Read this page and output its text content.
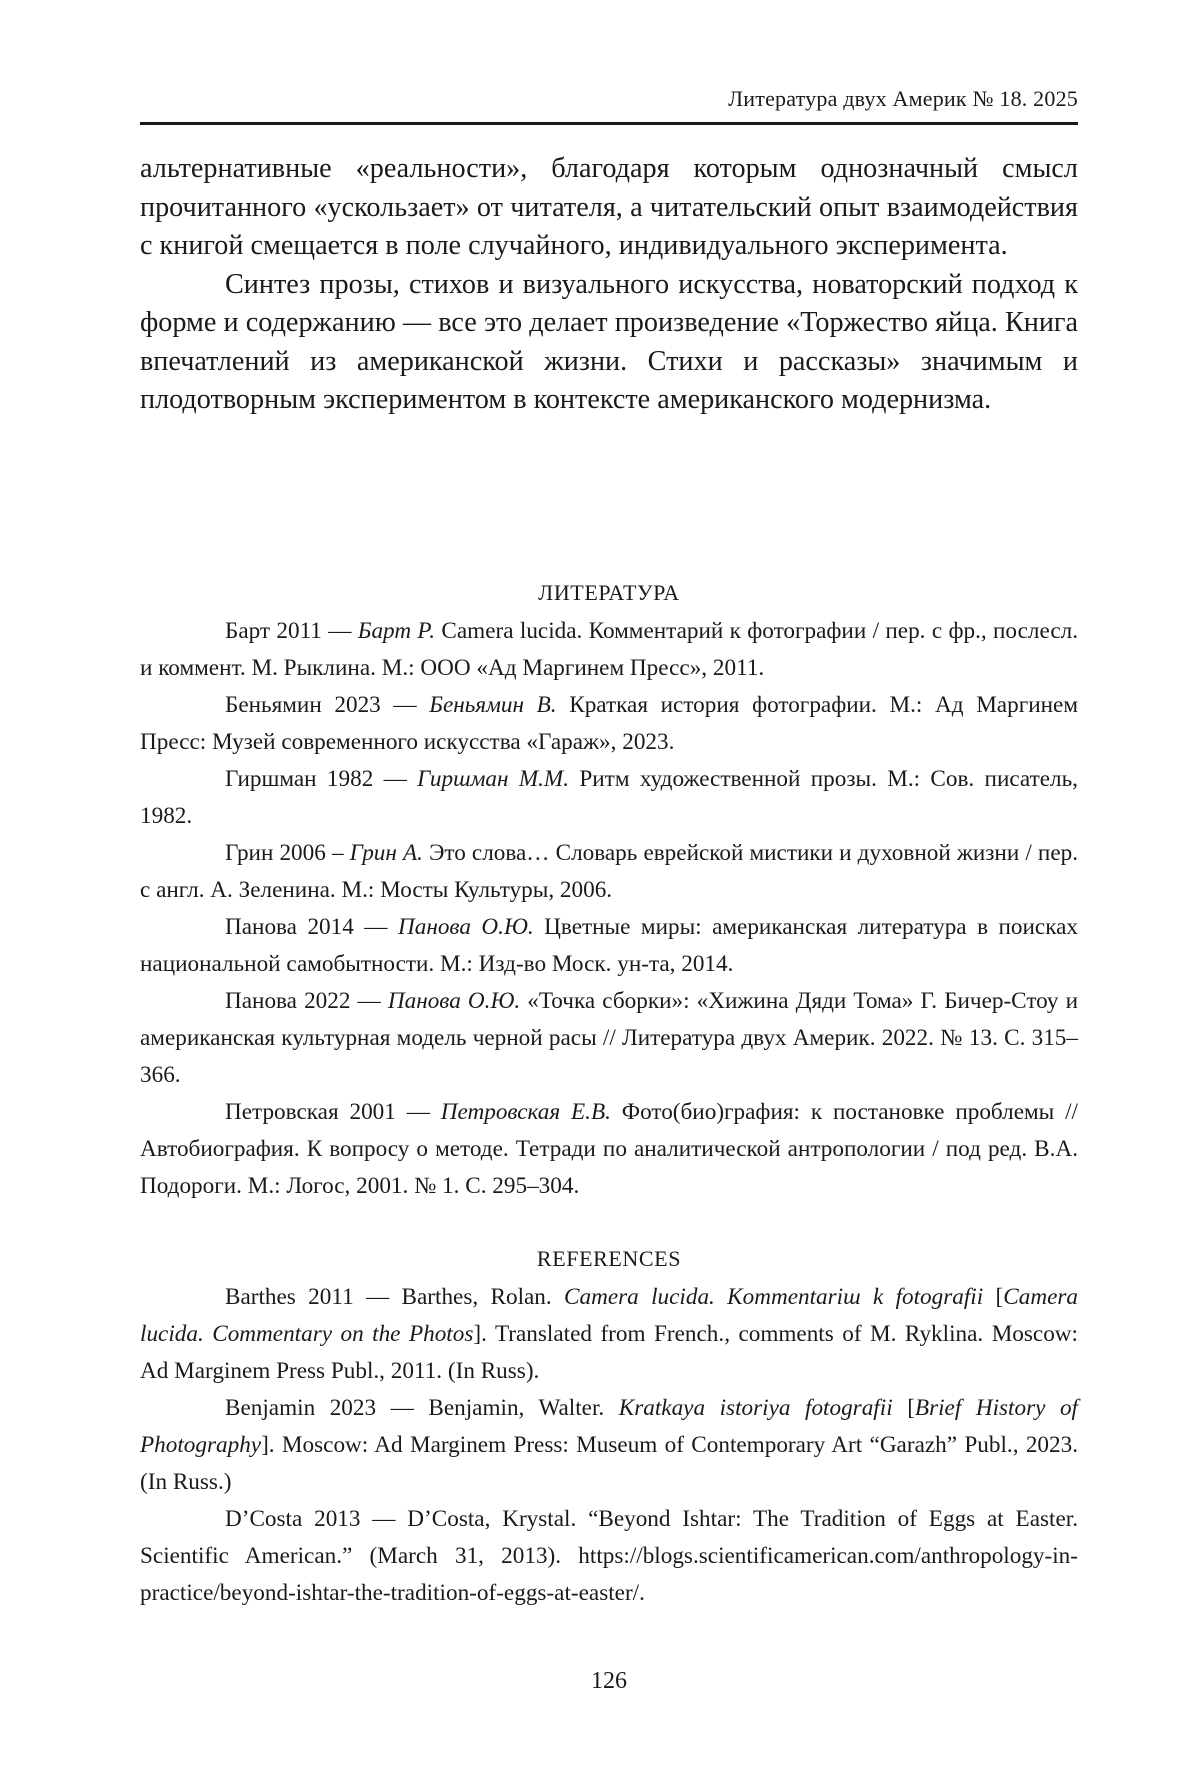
Литература двух Америк № 18. 2025

альтернативные «реальности», благодаря которым однозначный смысл прочитанного «ускользает» от читателя, а читательский опыт взаимодействия с книгой смещается в поле случайного, индивидуального эксперимента.

Синтез прозы, стихов и визуального искусства, новаторский подход к форме и содержанию — все это делает произведение «Торжество яйца. Книга впечатлений из американской жизни. Стихи и рассказы» значимым и плодотворным экспериментом в контексте американского модернизма.

ЛИТЕРАТУРА

Барт 2011 — Барт Р. Camera lucida. Комментарий к фотографии / пер. с фр., послесл. и коммент. М. Рыклина. М.: ООО «Ад Маргинем Пресс», 2011.

Беньямин 2023 — Беньямин В. Краткая история фотографии. М.: Ад Маргинем Пресс: Музей современного искусства «Гараж», 2023.

Гиршман 1982 — Гиршман М.М. Ритм художественной прозы. М.: Сов. писатель, 1982.

Грин 2006 – Грин А. Это слова… Словарь еврейской мистики и духовной жизни / пер. с англ. А. Зеленина. М.: Мосты Культуры, 2006.

Панова 2014 — Панова О.Ю. Цветные миры: американская литература в поисках национальной самобытности. М.: Изд-во Моск. ун-та, 2014.

Панова 2022 — Панова О.Ю. «Точка сборки»: «Хижина Дяди Тома» Г. Бичер-Стоу и американская культурная модель черной расы // Литература двух Америк. 2022. № 13. С. 315–366.

Петровская 2001 — Петровская Е.В. Фото(био)графия: к постановке проблемы // Автобиография. К вопросу о методе. Тетради по аналитической антропологии / под ред. В.А. Подороги. М.: Логос, 2001. № 1. С. 295–304.

REFERENCES

Barthes 2011 — Barthes, Rolan. Camera lucida. Kommentariш k fotografii [Camera lucida. Commentary on the Photos]. Translated from French., comments of M. Ryklina. Moscow: Ad Marginem Press Publ., 2011. (In Russ).

Benjamin 2023 — Benjamin, Walter. Kratkaya istoriya fotografii [Brief History of Photography]. Moscow: Ad Marginem Press: Museum of Contemporary Art “Garazh” Publ., 2023. (In Russ.)

D’Costa 2013 — D’Costa, Krystal. “Beyond Ishtar: The Tradition of Eggs at Easter. Scientific American.” (March 31, 2013). https://blogs.scientificamerican.com/anthropology-in-practice/beyond-ishtar-the-tradition-of-eggs-at-easter/.

126
